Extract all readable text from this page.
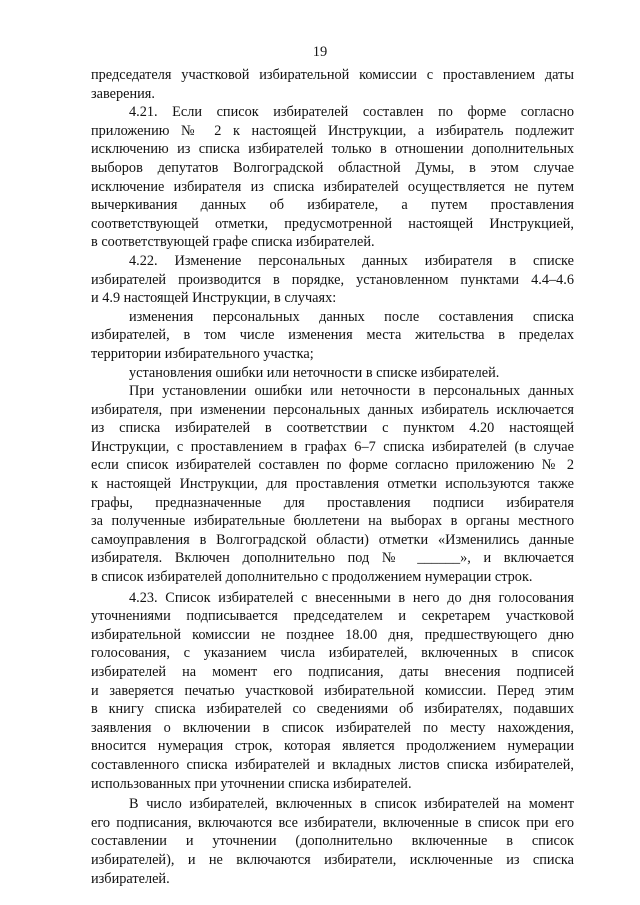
19
председателя участковой избирательной комиссии с проставлением даты
заверения.
4.21. Если список избирателей составлен по форме согласно
приложению № 2 к настоящей Инструкции, а избиратель подлежит
исключению из списка избирателей только в отношении дополнительных
выборов депутатов Волгоградской областной Думы, в этом случае
исключение избирателя из списка избирателей осуществляется не путем
вычеркивания данных об избирателе, а путем проставления
соответствующей отметки, предусмотренной настоящей Инструкцией,
в соответствующей графе списка избирателей.
4.22. Изменение персональных данных избирателя в списке
избирателей производится в порядке, установленном пунктами 4.4–4.6
и 4.9 настоящей Инструкции, в случаях:
изменения персональных данных после составления списка
избирателей, в том числе изменения места жительства в пределах
территории избирательного участка;
установления ошибки или неточности в списке избирателей.
При установлении ошибки или неточности в персональных данных
избирателя, при изменении персональных данных избиратель исключается
из списка избирателей в соответствии с пунктом 4.20 настоящей
Инструкции, с проставлением в графах 6–7 списка избирателей (в случае
если список избирателей составлен по форме согласно приложению № 2
к настоящей Инструкции, для проставления отметки используются также
графы, предназначенные для проставления подписи избирателя
за полученные избирательные бюллетени на выборах в органы местного
самоуправления в Волгоградской области) отметки «Изменились данные
избирателя. Включен дополнительно под № ______», и включается
в список избирателей дополнительно с продолжением нумерации строк.
4.23. Список избирателей с внесенными в него до дня голосования
уточнениями подписывается председателем и секретарем участковой
избирательной комиссии не позднее 18.00 дня, предшествующего дню
голосования, с указанием числа избирателей, включенных в список
избирателей на момент его подписания, даты внесения подписей
и заверяется печатью участковой избирательной комиссии. Перед этим
в книгу списка избирателей со сведениями об избирателях, подавших
заявления о включении в список избирателей по месту нахождения,
вносится нумерация строк, которая является продолжением нумерации
составленного списка избирателей и вкладных листов списка избирателей,
использованных при уточнении списка избирателей.
В число избирателей, включенных в список избирателей на момент
его подписания, включаются все избиратели, включенные в список при его
составлении и уточнении (дополнительно включенные в список
избирателей), и не включаются избиратели, исключенные из списка
избирателей.
